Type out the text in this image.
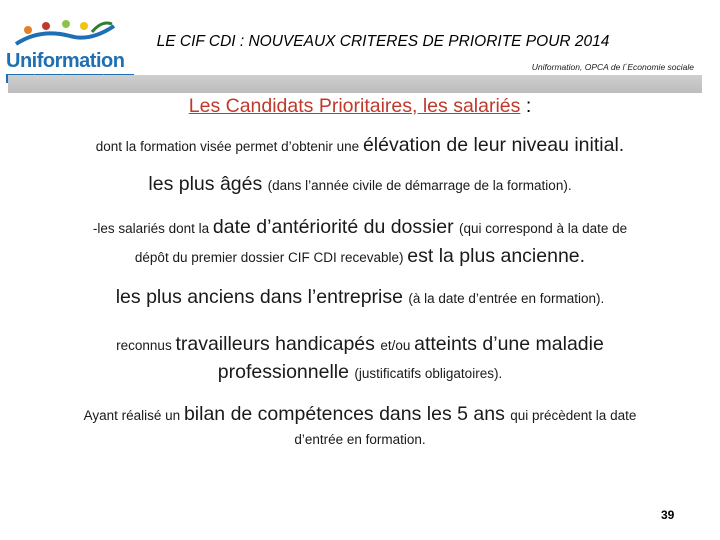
Uniformation
LE CIF CDI : NOUVEAUX CRITERES DE PRIORITE POUR 2014
Uniformation, OPCA de l´Economie sociale
Les Candidats Prioritaires, les salariés :
dont la formation visée permet d’obtenir une élévation de leur niveau initial.
les plus âgés (dans l’année civile de démarrage de la formation).
-les salariés dont la date d’antériorité du dossier (qui correspond à la date de
dépôt du premier dossier CIF CDI recevable) est la plus ancienne.
les plus anciens dans l’entreprise (à la date d’entrée en formation).
reconnus travailleurs handicapés et/ou atteints d’une maladie
professionnelle (justificatifs obligatoires).
Ayant réalisé un bilan de compétences dans les 5 ans qui précèdent la date
d’entrée en formation.
39
